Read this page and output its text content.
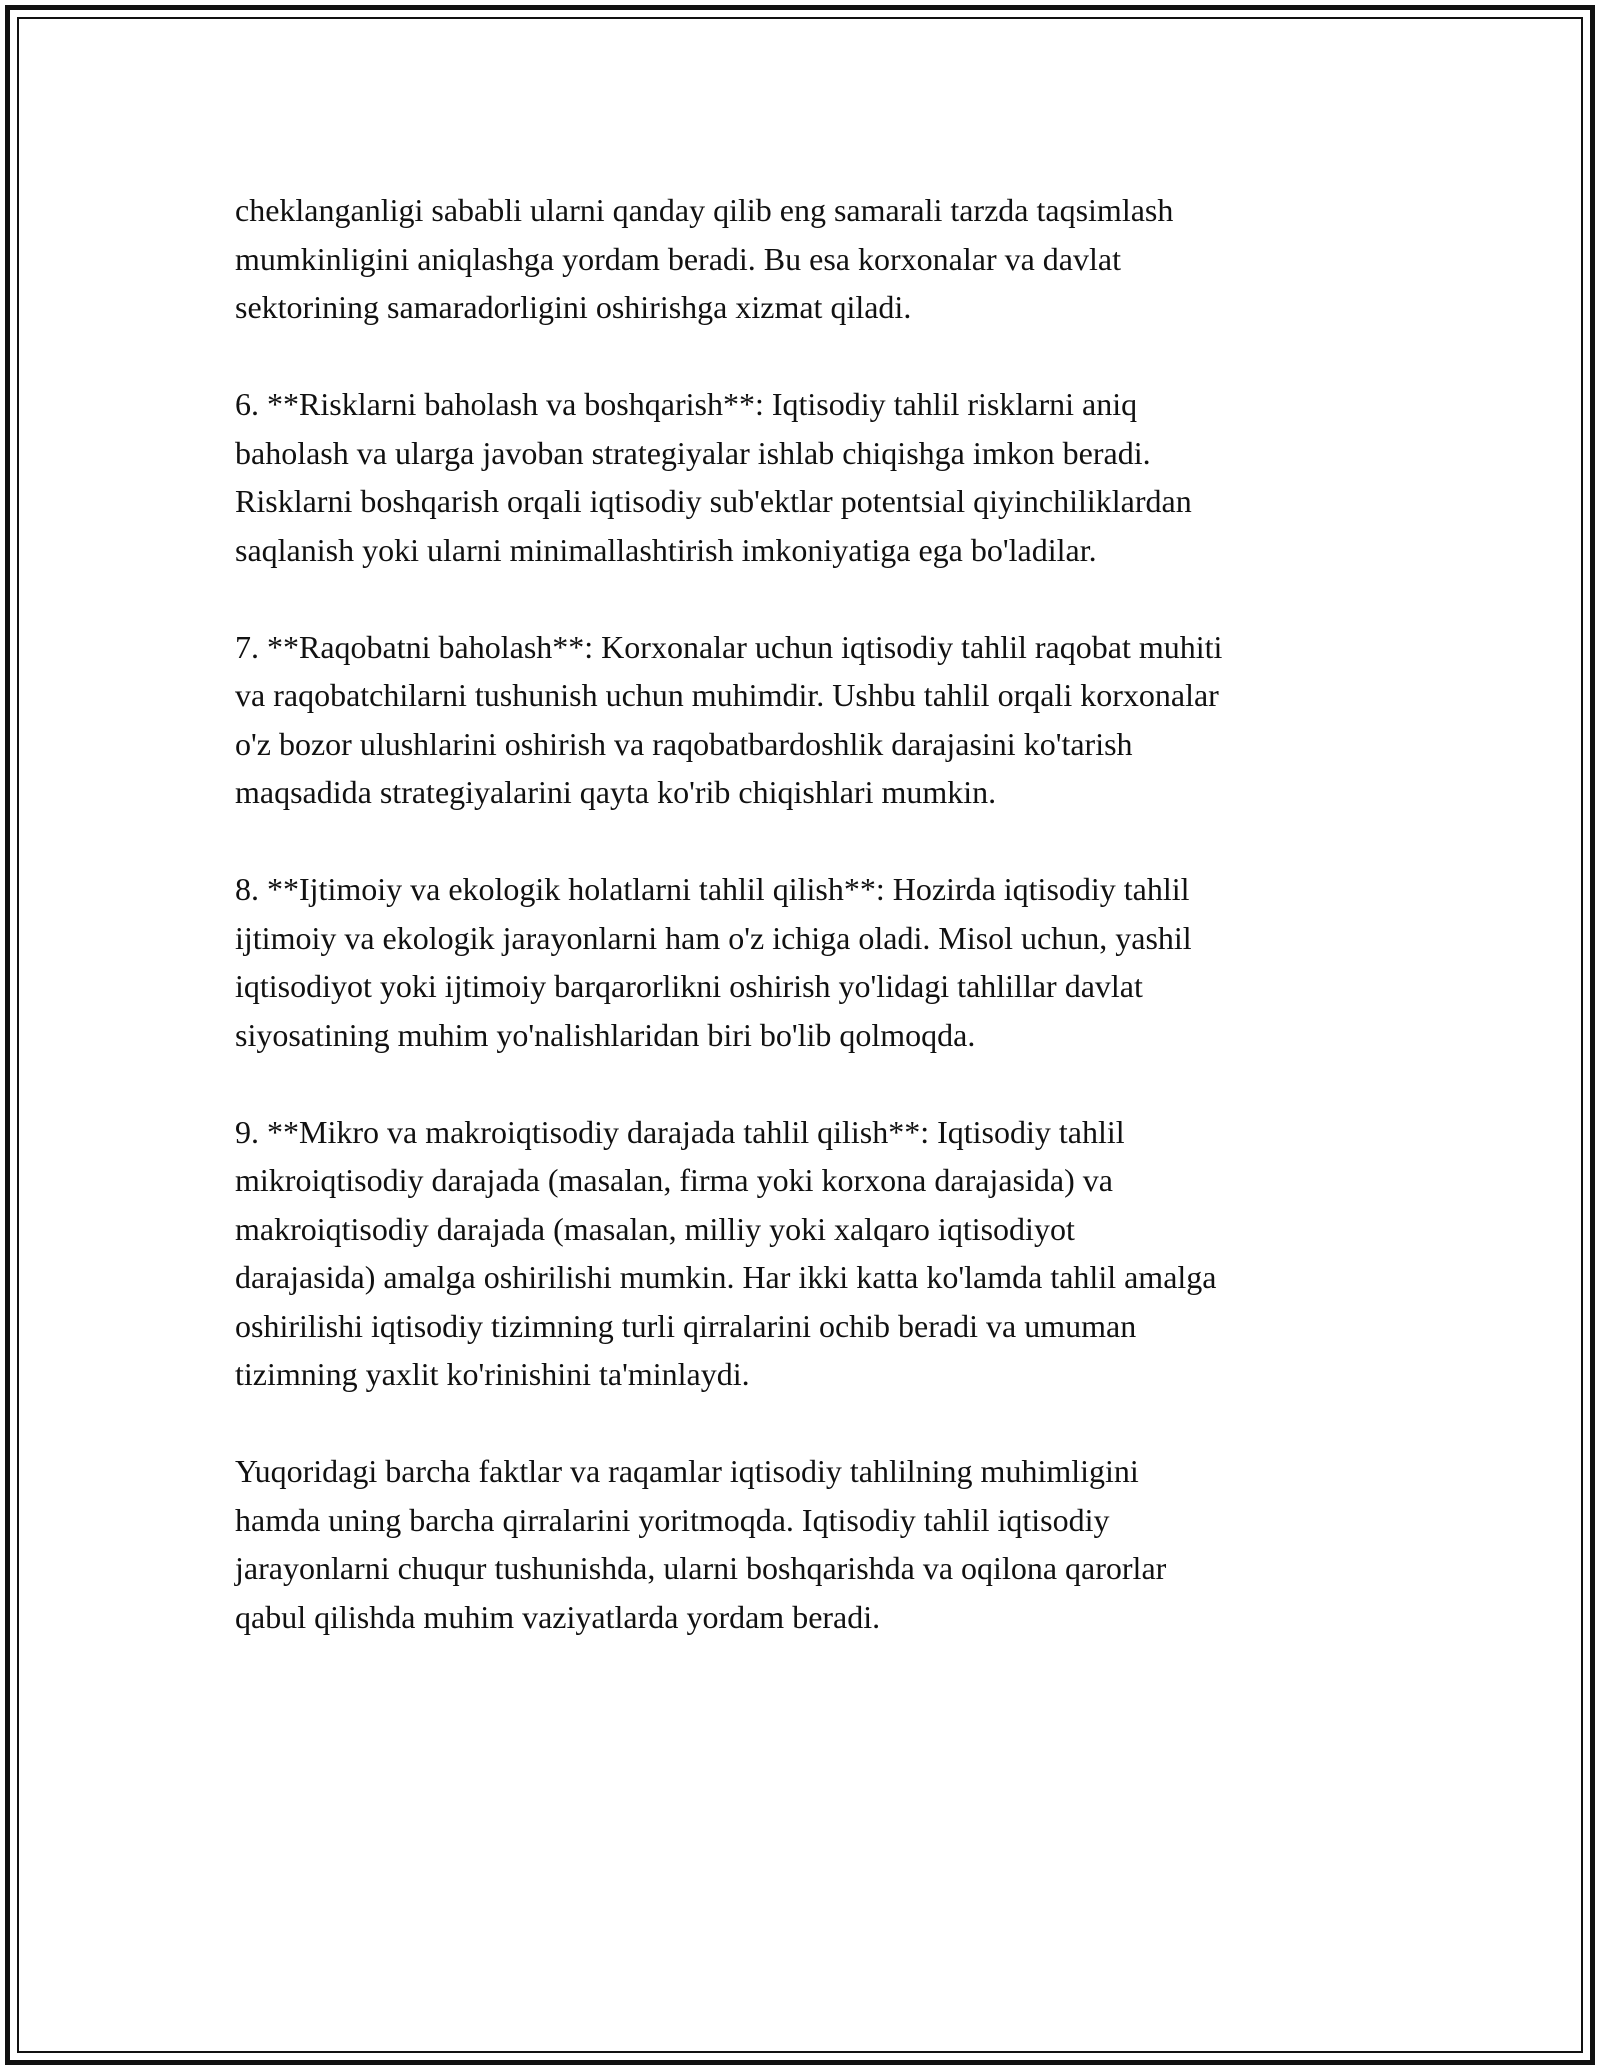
cheklanganligi sababli ularni qanday qilib eng samarali tarzda taqsimlash
mumkinligini aniqlashga yordam beradi. Bu esa korxonalar va davlat
sektorining samaradorligini oshirishga xizmat qiladi.

6. **Risklarni baholash va boshqarish**: Iqtisodiy tahlil risklarni aniq
baholash va ularga javoban strategiyalar ishlab chiqishga imkon beradi.
Risklarni boshqarish orqali iqtisodiy sub'ektlar potentsial qiyinchiliklardan
saqlanish yoki ularni minimallashtirish imkoniyatiga ega bo'ladilar.

7. **Raqobatni baholash**: Korxonalar uchun iqtisodiy tahlil raqobat muhiti
va raqobatchilarni tushunish uchun muhimdir. Ushbu tahlil orqali korxonalar
o'z bozor ulushlarini oshirish va raqobatbardoshlik darajasini ko'tarish
maqsadida strategiyalarini qayta ko'rib chiqishlari mumkin.

8. **Ijtimoiy va ekologik holatlarni tahlil qilish**: Hozirda iqtisodiy tahlil
ijtimoiy va ekologik jarayonlarni ham o'z ichiga oladi. Misol uchun, yashil
iqtisodiyot yoki ijtimoiy barqarorlikni oshirish yo'lidagi tahlillar davlat
siyosatining muhim yo'nalishlaridan biri bo'lib qolmoqda.

9. **Mikro va makroiqtisodiy darajada tahlil qilish**: Iqtisodiy tahlil
mikroiqtisodiy darajada (masalan, firma yoki korxona darajasida) va
makroiqtisodiy darajada (masalan, milliy yoki xalqaro iqtisodiyot
darajasida) amalga oshirilishi mumkin. Har ikki katta ko'lamda tahlil amalga
oshirilishi iqtisodiy tizimning turli qirralarini ochib beradi va umuman
tizimning yaxlit ko'rinishini ta'minlaydi.

Yuqoridagi barcha faktlar va raqamlar iqtisodiy tahlilning muhimligini
hamda uning barcha qirralarini yoritmoqda. Iqtisodiy tahlil iqtisodiy
jarayonlarni chuqur tushunishda, ularni boshqarishda va oqilona qarorlar
qabul qilishda muhim vaziyatlarda yordam beradi.
